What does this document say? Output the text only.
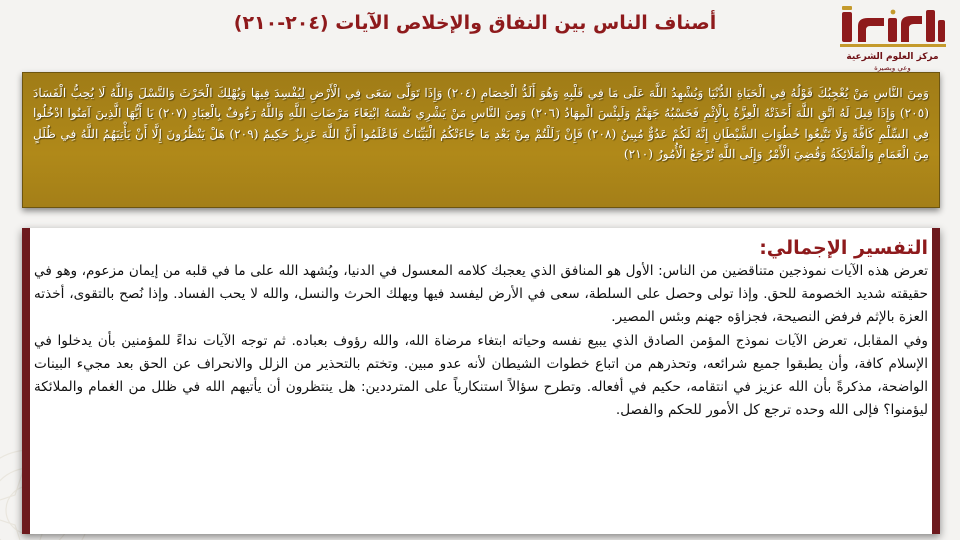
مركز العلوم الشرعية
وعي وبصيرة
أصناف الناس بين النفاق والإخلاص الآيات (٢٠٤-٢١٠)

وَمِنَ النَّاسِ مَنْ يُعْجِبُكَ قَوْلُهُ فِي الْحَيَاةِ الدُّنْيَا وَيُشْهِدُ اللَّهَ عَلَى مَا فِي قَلْبِهِ وَهُوَ أَلَدُّ الْخِصَامِ (٢٠٤) وَإِذَا تَوَلَّى سَعَى فِي الْأَرْضِ لِيُفْسِدَ فِيهَا وَيُهْلِكَ الْحَرْثَ وَالنَّسْلَ وَاللَّهُ لَا يُحِبُّ الْفَسَادَ (٢٠٥) وَإِذَا قِيلَ لَهُ اتَّقِ اللَّهَ أَخَذَتْهُ الْعِزَّةُ بِالْإِثْمِ فَحَسْبُهُ جَهَنَّمُ وَلَبِئْسَ الْمِهَادُ (٢٠٦) وَمِنَ النَّاسِ مَنْ يَشْرِي نَفْسَهُ ابْتِغَاءَ مَرْضَاتِ اللَّهِ وَاللَّهُ رَءُوفٌ بِالْعِبَادِ (٢٠٧) يَا أَيُّهَا الَّذِينَ آمَنُوا ادْخُلُوا فِي السِّلْمِ كَافَّةً وَلَا تَتَّبِعُوا خُطُوَاتِ الشَّيْطَانِ إِنَّهُ لَكُمْ عَدُوٌّ مُبِينٌ (٢٠٨) فَإِنْ زَلَلْتُمْ مِنْ بَعْدِ مَا جَاءَتْكُمُ الْبَيِّنَاتُ فَاعْلَمُوا أَنَّ اللَّهَ عَزِيزٌ حَكِيمٌ (٢٠٩) هَلْ يَنْظُرُونَ إِلَّا أَنْ يَأْتِيَهُمُ اللَّهُ فِي ظُلَلٍ مِنَ الْغَمَامِ وَالْمَلَائِكَةُ وَقُضِيَ الْأَمْرُ وَإِلَى اللَّهِ تُرْجَعُ الْأُمُورُ (٢١٠)

التفسير الإجمالي:

تعرض هذه الآيات نموذجين متناقضين من الناس: الأول هو المنافق الذي يعجبك كلامه المعسول في الدنيا، ويُشهد الله على ما في قلبه من إيمان مزعوم، وهو في حقيقته شديد الخصومة للحق. وإذا تولى وحصل على السلطة، سعى في الأرض ليفسد فيها ويهلك الحرث والنسل، والله لا يحب الفساد. وإذا نُصح بالتقوى، أخذته العزة بالإثم فرفض النصيحة، فجزاؤه جهنم وبئس المصير.

وفي المقابل، تعرض الآيات نموذج المؤمن الصادق الذي يبيع نفسه وحياته ابتغاء مرضاة الله، والله رؤوف بعباده. ثم توجه الآيات نداءً للمؤمنين بأن يدخلوا في الإسلام كافة، وأن يطبقوا جميع شرائعه، وتحذرهم من اتباع خطوات الشيطان لأنه عدو مبين. وتختم بالتحذير من الزلل والانحراف عن الحق بعد مجيء البينات الواضحة، مذكرةً بأن الله عزيز في انتقامه، حكيم في أفعاله. وتطرح سؤالاً استنكارياً على المترددين: هل ينتظرون أن يأتيهم الله في ظلل من الغمام والملائكة ليؤمنوا؟ فإلى الله وحده ترجع كل الأمور للحكم والفصل.
